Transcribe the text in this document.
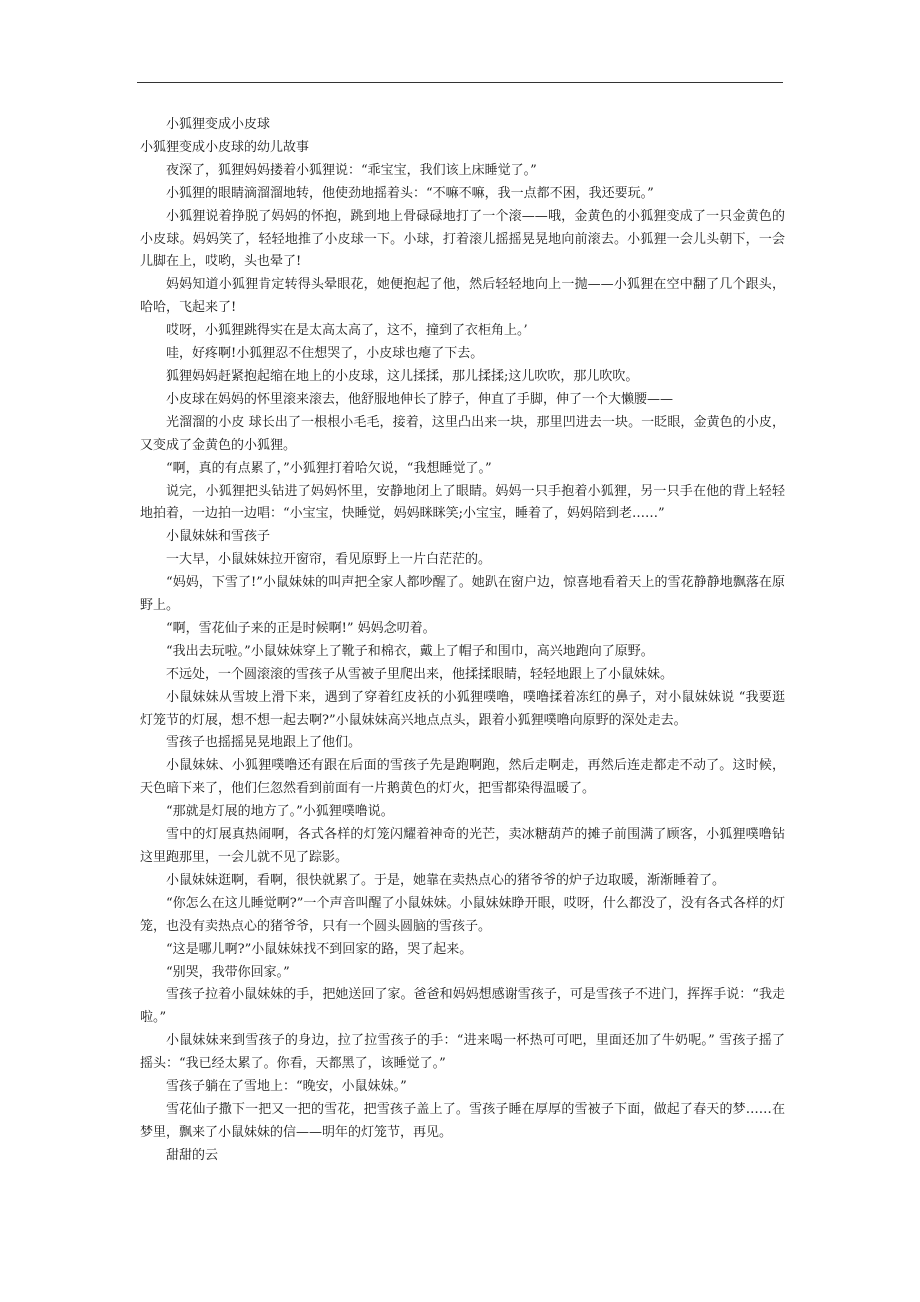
小狐狸变成小皮球

小狐狸变成小皮球的幼儿故事

夜深了，狐狸妈妈搂着小狐狸说：“乖宝宝，我们该上床睡觉了。”

小狐狸的眼睛滴溜溜地转，他使劲地摇着头：“不嘛不嘛，我一点都不困，我还要玩。”

小狐狸说着挣脱了妈妈的怀抱，跳到地上骨碌碌地打了一个滚——哦，金黄色的小狐狸变成了一只金黄色的小皮球。妈妈笑了，轻轻地推了小皮球一下。小球，打着滚儿摇摇晃晃地向前滚去。小狐狸一会儿头朝下，一会儿脚在上，哎哟，头也晕了!

妈妈知道小狐狸肯定转得头晕眼花，她便抱起了他，然后轻轻地向上一抛——小狐狸在空中翻了几个跟头，哈哈，飞起来了!

哎呀，小狐狸跳得实在是太高太高了，这不，撞到了衣柜角上。’

哇，好疼啊!小狐狸忍不住想哭了，小皮球也瘪了下去。

狐狸妈妈赶紧抱起缩在地上的小皮球，这儿揉揉，那儿揉揉;这儿吹吹，那儿吹吹。

小皮球在妈妈的怀里滚来滚去，他舒服地伸长了脖子，伸直了手脚，伸了一个大懒腰——

光溜溜的小皮 球长出了一根根小毛毛，接着，这里凸出来一块，那里凹进去一块。一眨眼，金黄色的小皮，又变成了金黄色的小狐狸。

“啊，真的有点累了，”小狐狸打着哈欠说，“我想睡觉了。”

说完，小狐狸把头钻进了妈妈怀里，安静地闭上了眼睛。妈妈一只手抱着小狐狸，另一只手在他的背上轻轻地拍着，一边拍一边唱：“小宝宝，快睡觉，妈妈眯眯笑;小宝宝，睡着了，妈妈陪到老……”

小鼠妹妹和雪孩子

一大早，小鼠妹妹拉开窗帘，看见原野上一片白茫茫的。

“妈妈，下雪了!”小鼠妹妹的叫声把全家人都吵醒了。她趴在窗户边，惊喜地看着天上的雪花静静地飘落在原野上。

“啊，雪花仙子来的正是时候啊!” 妈妈念叨着。

“我出去玩啦。”小鼠妹妹穿上了靴子和棉衣，戴上了帽子和围巾，高兴地跑向了原野。

不远处，一个圆滚滚的雪孩子从雪被子里爬出来，他揉揉眼睛，轻轻地跟上了小鼠妹妹。

小鼠妹妹从雪坡上滑下来，遇到了穿着红皮袄的小狐狸噗噜，噗噜揉着冻红的鼻子，对小鼠妹妹说 “我要逛灯笼节的灯展，想不想一起去啊?”小鼠妹妹高兴地点点头，跟着小狐狸噗噜向原野的深处走去。

雪孩子也摇摇晃晃地跟上了他们。

小鼠妹妹、小狐狸噗噜还有跟在后面的雪孩子先是跑啊跑，然后走啊走，再然后连走都走不动了。这时候，天色暗下来了，他们仨忽然看到前面有一片鹅黄色的灯火，把雪都染得温暖了。

“那就是灯展的地方了。”小狐狸噗噜说。

雪中的灯展真热闹啊，各式各样的灯笼闪耀着神奇的光芒，卖冰糖葫芦的摊子前围满了顾客，小狐狸噗噜钻这里跑那里，一会儿就不见了踪影。

小鼠妹妹逛啊，看啊，很快就累了。于是，她靠在卖热点心的猪爷爷的炉子边取暖，渐渐睡着了。

“你怎么在这儿睡觉啊?”一个声音叫醒了小鼠妹妹。小鼠妹妹睁开眼，哎呀，什么都没了，没有各式各样的灯笼，也没有卖热点心的猪爷爷，只有一个圆头圆脑的雪孩子。

“这是哪儿啊?”小鼠妹妹找不到回家的路，哭了起来。

“别哭，我带你回家。”

雪孩子拉着小鼠妹妹的手，把她送回了家。爸爸和妈妈想感谢雪孩子，可是雪孩子不进门，挥挥手说：“我走啦。”

小鼠妹妹来到雪孩子的身边，拉了拉雪孩子的手：“进来喝一杯热可可吧，里面还加了牛奶呢。” 雪孩子摇了摇头：“我已经太累了。你看，天都黑了，该睡觉了。”

雪孩子躺在了雪地上：“晚安，小鼠妹妹。”

雪花仙子撒下一把又一把的雪花，把雪孩子盖上了。雪孩子睡在厚厚的雪被子下面，做起了春天的梦……在梦里，飘来了小鼠妹妹的信——明年的灯笼节，再见。

甜甜的云
